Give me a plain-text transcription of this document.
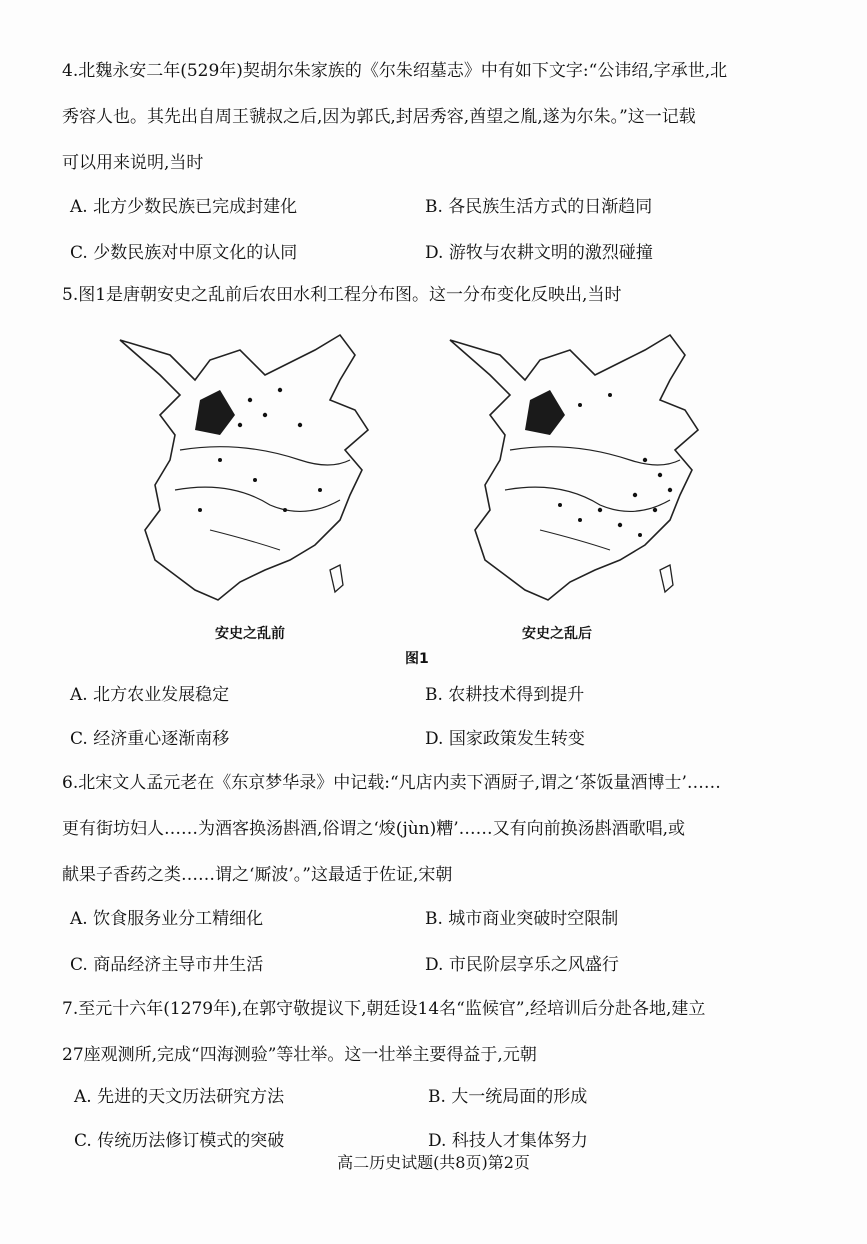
4.北魏永安二年(529年)契胡尔朱家族的《尔朱绍墓志》中有如下文字:“公讳绍,字承世,北
秀容人也。其先出自周王虢叔之后,因为郭氏,封居秀容,酋望之胤,遂为尔朱。”这一记载
可以用来说明,当时
A. 北方少数民族已完成封建化	B. 各民族生活方式的日渐趋同
C. 少数民族对中原文化的认同	D. 游牧与农耕文明的激烈碰撞
5.图1是唐朝安史之乱前后农田水利工程分布图。这一分布变化反映出,当时
安史之乱前	安史之乱后
图1
A. 北方农业发展稳定	B. 农耕技术得到提升
C. 经济重心逐渐南移	D. 国家政策发生转变
6.北宋文人孟元老在《东京梦华录》中记载:“凡店内卖下酒厨子,谓之‘茶饭量酒博士’……
更有街坊妇人……为酒客换汤斟酒,俗谓之‘焌(jùn)糟’……又有向前换汤斟酒歌唱,或
献果子香药之类……谓之‘厮波’。”这最适于佐证,宋朝
A. 饮食服务业分工精细化	B. 城市商业突破时空限制
C. 商品经济主导市井生活	D. 市民阶层享乐之风盛行
7.至元十六年(1279年),在郭守敬提议下,朝廷设14名“监候官”,经培训后分赴各地,建立
27座观测所,完成“四海测验”等壮举。这一壮举主要得益于,元朝
A. 先进的天文历法研究方法	B. 大一统局面的形成
C. 传统历法修订模式的突破	D. 科技人才集体努力
高二历史试题(共8页)第2页
